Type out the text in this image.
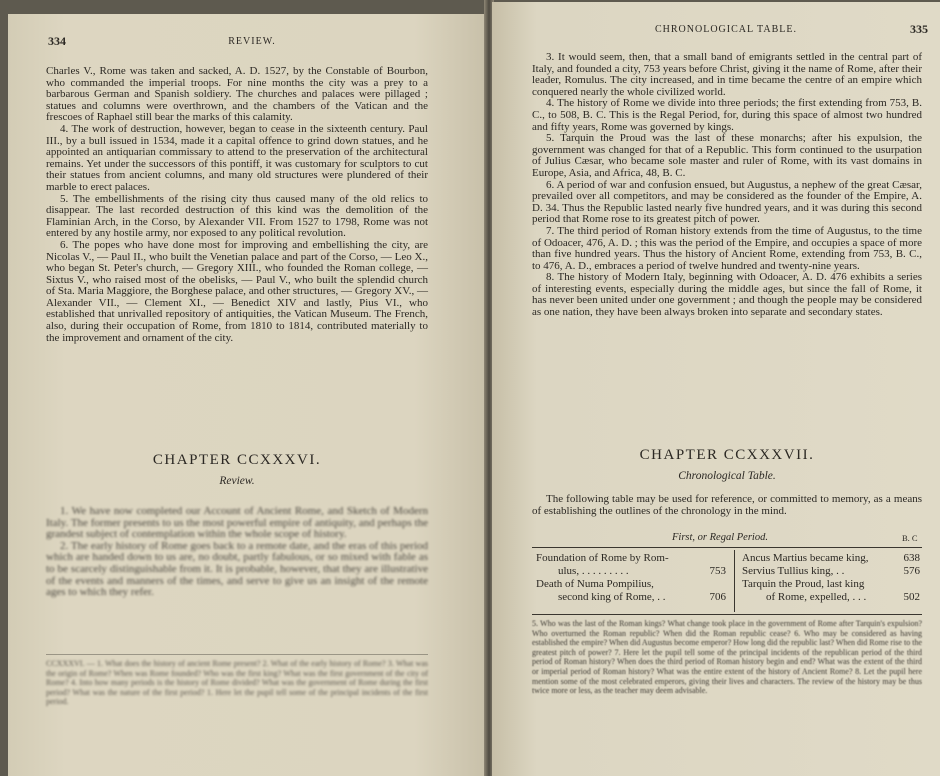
334	REVIEW.

Charles V., Rome was taken and sacked, A. D. 1527, by the Constable of Bourbon, who commanded the imperial troops. For nine months the city was a prey to a barbarous German and Spanish soldiery. The churches and palaces were pillaged ; statues and columns were overthrown, and the chambers of the Vatican and the frescoes of Raphael still bear the marks of this calamity.

4. The work of destruction, however, began to cease in the sixteenth century. Paul III., by a bull issued in 1534, made it a capital offence to grind down statues, and he appointed an antiquarian commissary to attend to the preservation of the architectural remains. Yet under the successors of this pontiff, it was customary for sculptors to cut their statues from ancient columns, and many old structures were plundered of their marble to erect palaces.

5. The embellishments of the rising city thus caused many of the old relics to disappear. The last recorded destruction of this kind was the demolition of the Flaminian Arch, in the Corso, by Alexander VII. From 1527 to 1798, Rome was not entered by any hostile army, nor exposed to any political revolution.

6. The popes who have done most for improving and embellishing the city, are Nicolas V., — Paul II., who built the Venetian palace and part of the Corso, — Leo X., who began St. Peter's church, — Gregory XIII., who founded the Roman college, — Sixtus V., who raised most of the obelisks, — Paul V., who built the splendid church of Sta. Maria Maggiore, the Borghese palace, and other structures, — Gregory XV., — Alexander VII., — Clement XI., — Benedict XIV and lastly, Pius VI., who established that unrivalled repository of antiquities, the Vatican Museum. The French, also, during their occupation of Rome, from 1810 to 1814, contributed materially to the improvement and ornament of the city.

CHAPTER CCXXXVI.
Review.

1. We have now completed our Account of Ancient Rome, and Sketch of Modern Italy. The former presents to us the most powerful empire of antiquity, and perhaps the grandest subject of contemplation within the whole scope of history.

2. The early history of Rome goes back to a remote date, and the eras of this period which are handed down to us are, no doubt, partly fabulous, or so mixed with fable as to be scarcely distinguishable from it. It is probable, however, that they are illustrative of the events and manners of the times, and serve to give us an insight of the remote ages to which they refer.

CCXXXVI. — 1. What does the history of ancient Rome present? 2. What of the early history of Rome? 3. What was the origin of Rome? When was Rome founded? Who was the first king? What was the first government of the city of Rome? 4. Into how many periods is the history of Rome divided? What was the government of Rome during the first period? What was the nature of the first period? 1. Here let the pupil tell some of the principal incidents of the first period.

CHRONOLOGICAL TABLE.	335

3. It would seem, then, that a small band of emigrants settled in the central part of Italy, and founded a city, 753 years before Christ, giving it the name of Rome, after their leader, Romulus. The city increased, and in time became the centre of an empire which conquered nearly the whole civilized world.

4. The history of Rome we divide into three periods; the first extending from 753, B. C., to 508, B. C. This is the Regal Period, for, during this space of almost two hundred and fifty years, Rome was governed by kings.

5. Tarquin the Proud was the last of these monarchs; after his expulsion, the government was changed for that of a Republic. This form continued to the usurpation of Julius Cæsar, who became sole master and ruler of Rome, with its vast domains in Europe, Asia, and Africa, 48, B. C.

6. A period of war and confusion ensued, but Augustus, a nephew of the great Cæsar, prevailed over all competitors, and may be considered as the founder of the Empire, A. D. 34. Thus the Republic lasted nearly five hundred years, and it was during this second period that Rome rose to its greatest pitch of power.

7. The third period of Roman history extends from the time of Augustus, to the time of Odoacer, 476, A. D. ; this was the period of the Empire, and occupies a space of more than five hundred years. Thus the history of Ancient Rome, extending from 753, B. C., to 476, A. D., embraces a period of twelve hundred and twenty-nine years.

8. The history of Modern Italy, beginning with Odoacer, A. D. 476 exhibits a series of interesting events, especially during the middle ages, but since the fall of Rome, it has never been united under one government ; and though the people may be considered as one nation, they have been always broken into separate and secondary states.

CHAPTER CCXXXVII.
Chronological Table.

The following table may be used for reference, or committed to memory, as a means of establishing the outlines of the chronology in the mind.

First, or Regal Period.	B. C
Foundation of Rome by Rom-
ulus, . . . . . . . . .	753
Death of Numa Pompilius,
second king of Rome, . .	706
Ancus Martius became king,	638
Servius Tullius king, . .	576
Tarquin the Proud, last king
of Rome, expelled, . . .	502

5. Who was the last of the Roman kings? What change took place in the government of Rome after Tarquin's expulsion? Who overturned the Roman republic? When did the Roman republic cease? 6. Who may be considered as having established the empire? When did Augustus become emperor? How long did the republic last? When did Rome rise to the greatest pitch of power? 7. Here let the pupil tell some of the principal incidents of the republican period of the third period of Roman history? When does the third period of Roman history begin and end? What was the extent of the third or imperial period of Roman history? What was the entire extent of the history of Ancient Rome? 8. Let the pupil here mention some of the most celebrated emperors, giving their lives and characters. The review of the history may be thus twice more or less, as the teacher may deem advisable.
